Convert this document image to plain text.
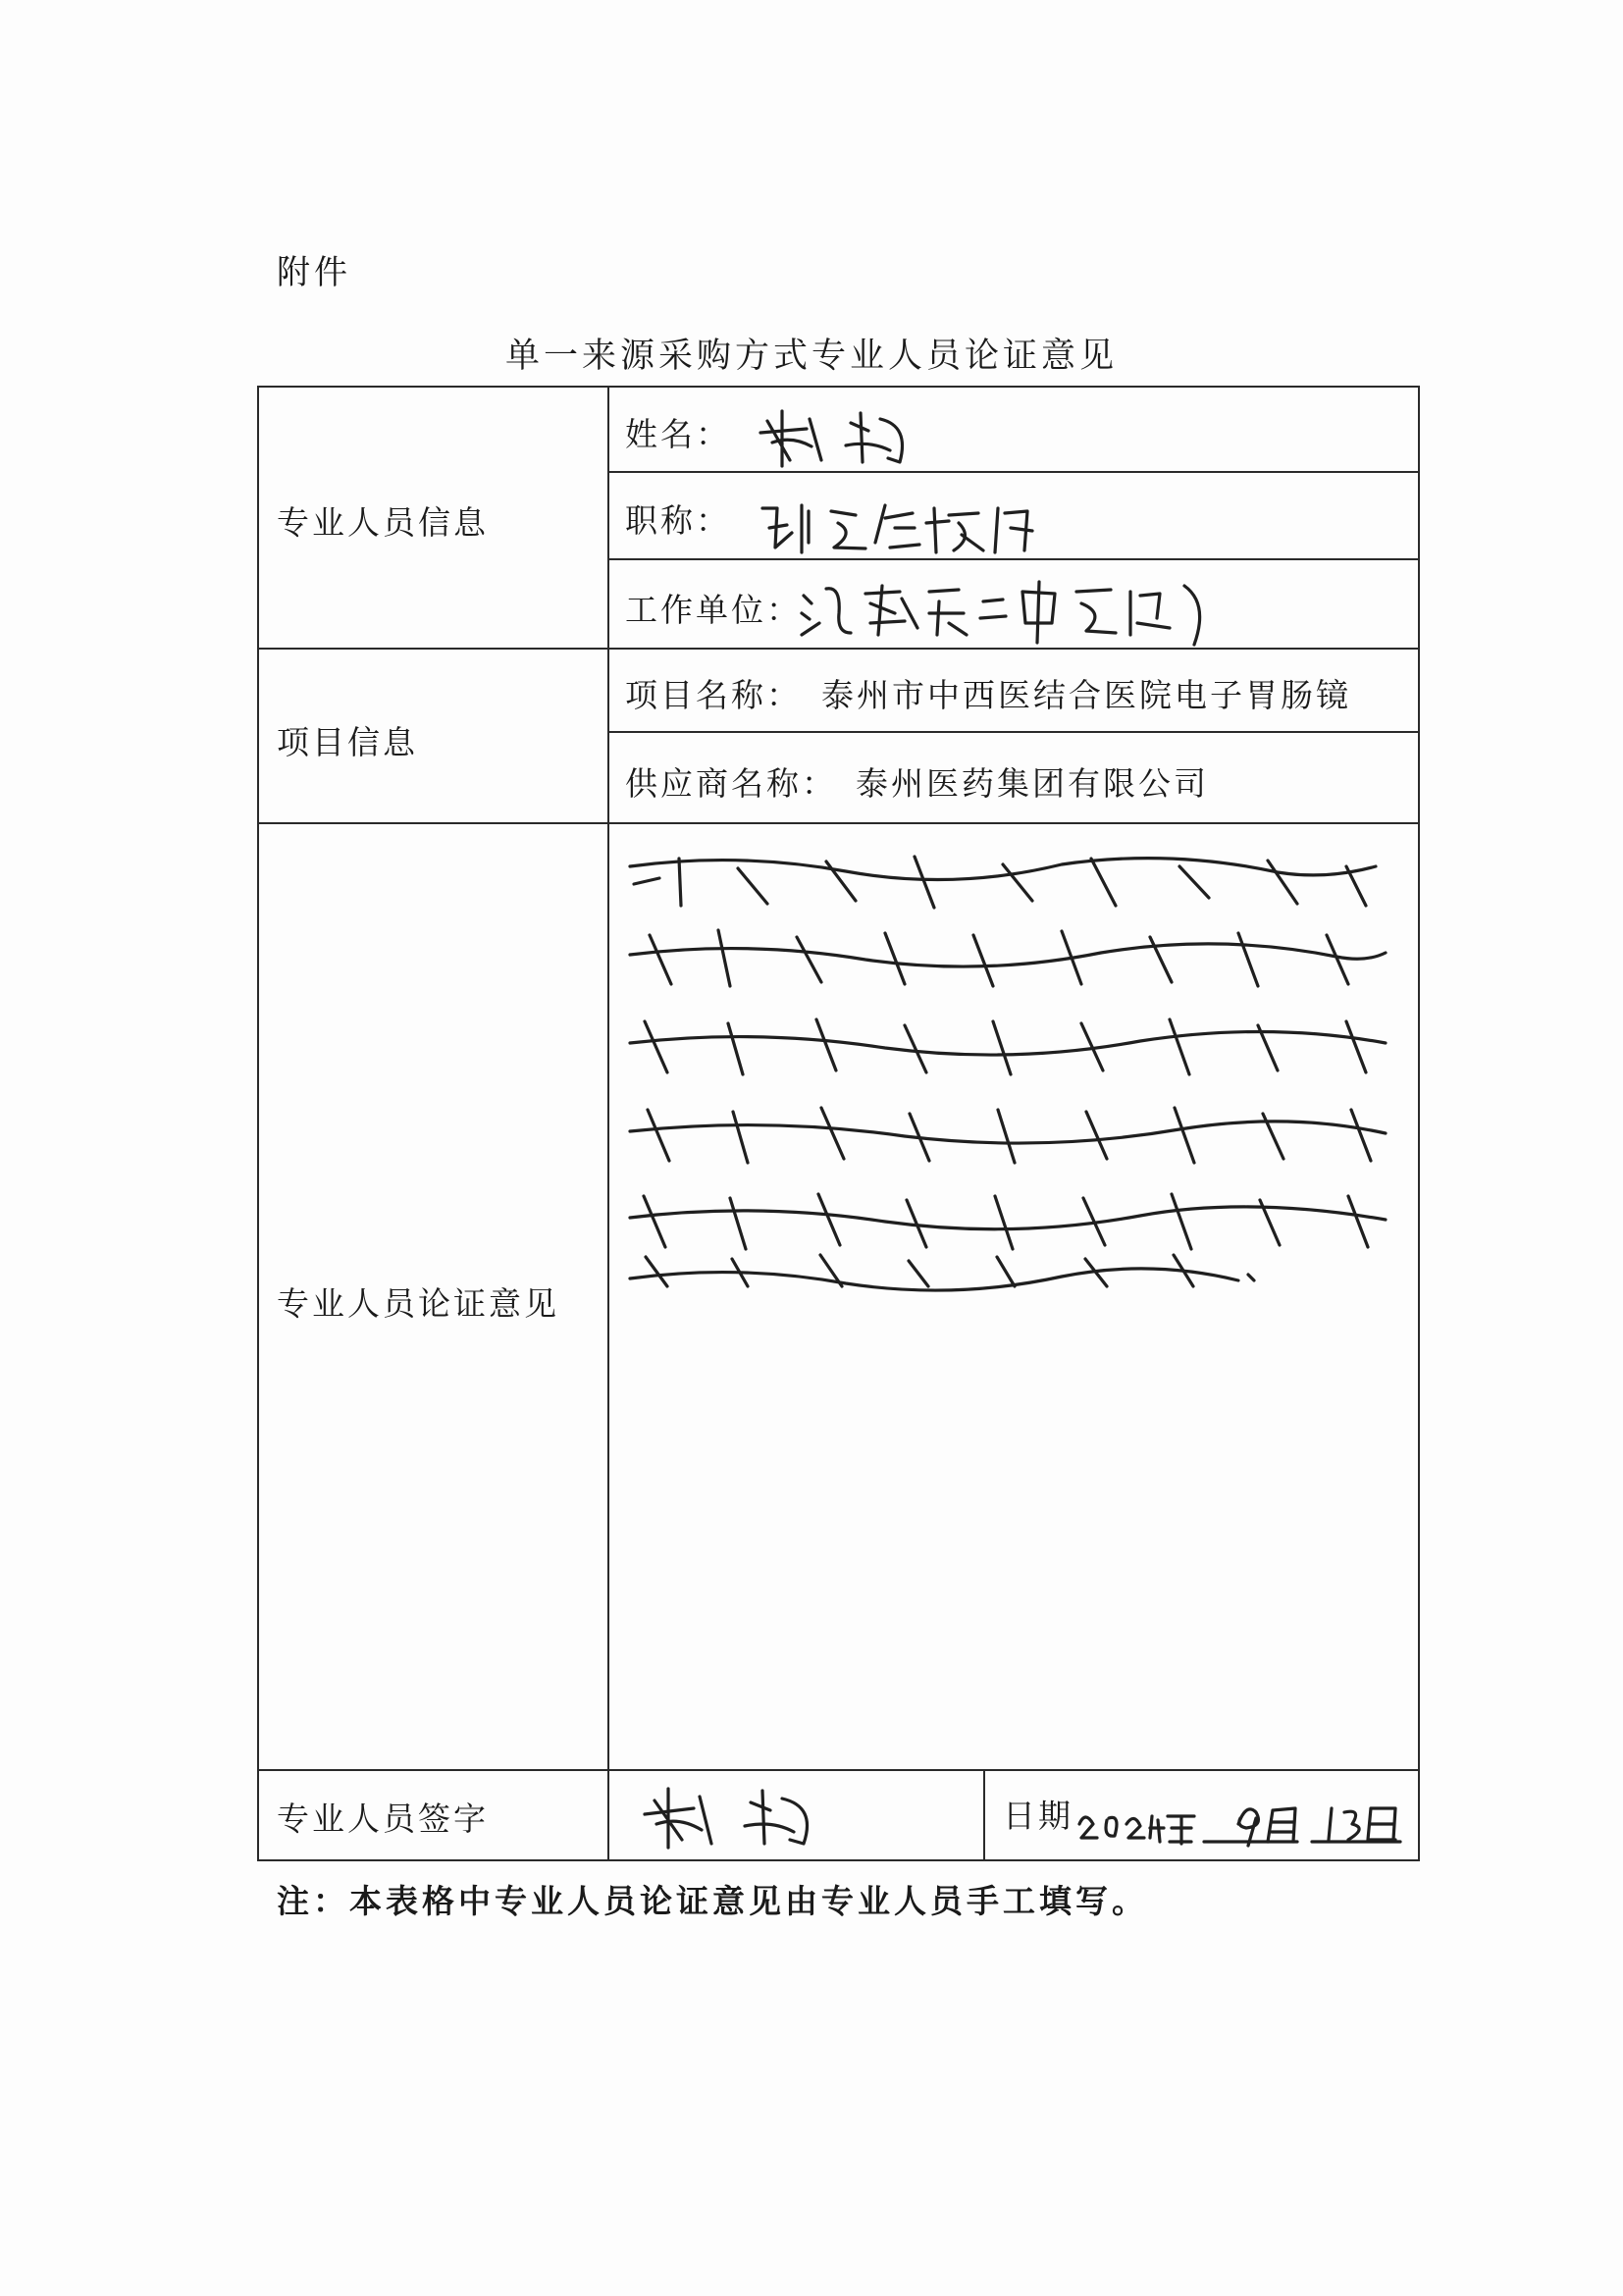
附件
单一来源采购方式专业人员论证意见
专业人员信息
姓名：
职称：
工作单位：
项目信息
项目名称： 泰州市中西医结合医院电子胃肠镜
供应商名称： 泰州医药集团有限公司
专业人员论证意见
专业人员签字	日期
注：本表格中专业人员论证意见由专业人员手工填写。
